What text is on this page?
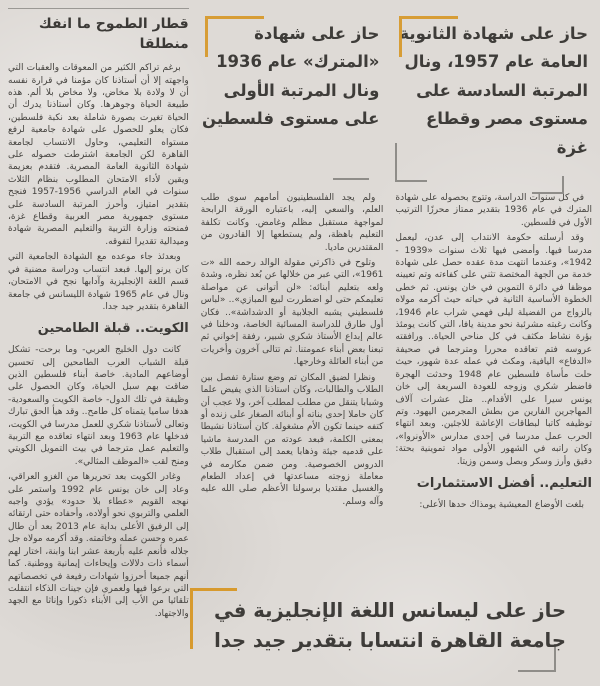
حاز على شهادة الثانوية العامة عام 1957، ونال المرتبة السادسة على مستوى مصر وقطاع غزة

في كل سنوات الدراسة، وتتوج بحصوله على شهادة المترك في عام 1936 بتقدير ممتاز محرزًا الترتيب الأول في فلسطين.

وقد أرسلته حكومة الانتداب إلى عدن، ليعمل مدرسا فيها. وأمضى فيها ثلاث سنوات «1939 - 1942»، وعندما انتهت مدة عقده حصل على شهادة خدمة من الجهة المختصة تثني على كفاءته وتم تعيينه موظفا في دائرة التموين في خان يونس. ثم خطى الخطوة الأساسية الثانية في حياته حيث أكرمه مولاه بالزواج من الفضيلة ليلى فهمي شراب عام 1946، وكانت رغبته مشرئبة نحو مدينة يافا، التي كانت يومئذ بؤرة نشاط مكثف في كل مناحي الحياة.. ورافقته عروسه فتم تعاقده محررا ومترجما في صحيفة «الدفاع» اليافية، ومكث في عمله عدة شهور، حيث حلت مأساة فلسطين عام 1948 وحدثت الهجرة فاضطر شكري وزوجه للعودة السريعة إلى خان يونس سيرا على الأقدام.. مثل عشرات آلاف المهاجرين الفارين من بطش المجرمين اليهود. وتم توظيفه كاتبا لبطاقات الإعاشة للاجئين. وبعد انتهاء الحرب عمل مدرسا في إحدى مدارس «الأونروا»، وكان راتبه في الشهور الأولى مواد تموينية بحتة: دقيق وأرز وسكر وبصل وسمن وزيتا.

التعليم.. أفضل الاستثمارات

بلغت الأوضاع المعيشية يومذاك حدها الأعلى:

حاز على شهادة «المترك» عام 1936 ونال المرتبة الأولى على مستوى فلسطين

ولم يجد الفلسطينيون أمامهم سوى طلب العلم، والسعي إليه، باعتباره الورقة الرابحة لمواجهة مستقبل مظلم وغامض. وكانت تكلفة التعليم باهظة، ولم يستطعها إلا القادرون من المقتدرين ماديا.

وتلوح في ذاكرتي مقولة الوالد رحمه الله «ت 1961»، التي عبر من خلالها عن بُعد نظره، وشدة ولعه بتعليم أبنائه: «لن أتوانى عن مواصلة تعليمكم حتى لو اضطررت لبيع المبازي».. «لباس فلسطيني يشبه الجلابية أو الدشداشة».. فكان أول طارق للدراسة المسائية الخاصة، ودخلنا في عالم إبداع الأستاذ شكري شبير، رفقة إخواني ثم تبعنا بعض أبناء عمومتنا. ثم تتالى آخرون وأخريات من أبناء العائلة وخارجها.

ونظرا لضيق المكان تم وضع ستارة تفصل بين الطلاب والطالبات، وكان استاذنا الذي يفيض علما وشبابا يتنقل من مطلب لمطلب آخر، ولا عجب أن كان حاملا إحدى بناته أو أبنائه الصغار على زنده أو كتفه حينما تكون الأم مشغولة. كان أستاذنا نشيطا بمعنى الكلمة، فبعد عودته من المدرسة ماشيا على قدميه جيئة وذهابا يعمد إلى استقبال طلاب الدروس الخصوصية. ومن ضمن مكارمه في معاملة زوجته مساعدتها في إعداد الطعام والغسيل مقتديا برسولنا الأعظم صلى الله عليه وآله وسلم.

قطار الطموح ما انفك منطلقا

برغم تراكم الكثير من المعوقات والعقبات التي واجهته إلا أن أستاذنا كان مؤمنا في قرارة نفسه أن لا ولادة بلا مخاض، ولا مخاض بلا ألم. هذه طبيعة الحياة وجوهرها. وكان أستاذنا يدرك أن الحياة تغيرت بصورة شاملة بعد نكبة فلسطين، فكان يعلو للحصول على شهادة جامعية لرفع مستواه التعليمي، وحاول الانتساب لجامعة القاهرة لكن الجامعة اشترطت حصوله على شهادة الثانوية العامة المصرية. فتقدم بعزيمة ويقين لأداء الامتحان المطلوب بنظام الثلاث سنوات في العام الدراسي 1956-1957 فنجح بتقدير امتياز، وأحرز المرتبة السادسة على مستوى جمهورية مصر العربية وقطاع غزة، فمنحته وزارة التربية والتعليم المصرية شهادة وميدالية تقديرا لتفوقه.

وبعدئذ جاء موعده مع الشهادة الجامعية التي كان يرنو إليها. فبعد انتساب ودراسة مضنية في قسم اللغة الإنجليزية وآدابها نجح في الامتحان، ونال في عام 1965 شهادة الليسانس في جامعة القاهرة بتقدير جيد جدا.

الكويت.. قبلة الطامحين

كانت دول الخليج العربي- وما برحت- تشكل قبلة الشباب العرب الطامحين إلى تحسين أوضاعهم المادية. خاصة أبناء فلسطين الذين ضاقت بهم سبل الحياة، وكان الحصول على وظيفة في تلك الدول- خاصة الكويت والسعودية- هدفا ساميا يتمناه كل طامح.. وقد هيأ الحق تبارك وتعالى لأستاذنا شكري للعمل مدرسا في الكويت، فدخلها عام 1963 وبعد انتهاء تعاقده مع التربية والتعليم عمل مترجما في بيت التمويل الكويتي ومنح لقب «الموظف المثالي».

وغادر الكويت بعد تحريرها من الغزو العراقي، وعاد إلى خان يونس عام 1992 واستمر على نهجه القويم «عطاء بلا حدود» يؤدي واجبه العلمي والتربوي نحو أولاده، وأحفاده حتى ارتقائه إلى الرفيق الأعلى بداية عام 2013 بعد أن طال عمره وحسن عمله وخاتمته. وقد أكرمه مولاه جل جلاله فأنعم عليه بأربعة عشر ابنا وابنة، اختار لهم أسماء ذات دلالات وإيحاءات إيمانية ووطنية. كما أنهم جميعا أحرزوا شهادات رفيعة في تخصصاتهم التي برعوا فيها ولعمري فإن جينات الذكاء انتقلت تلقائيا من الأب إلى الأبناء ذكورا وإناثا مع الجهد والاجتهاد.	حاز على ليسانس اللغة الإنجليزية في جامعة القاهرة انتسابا بتقدير جيد جدا
